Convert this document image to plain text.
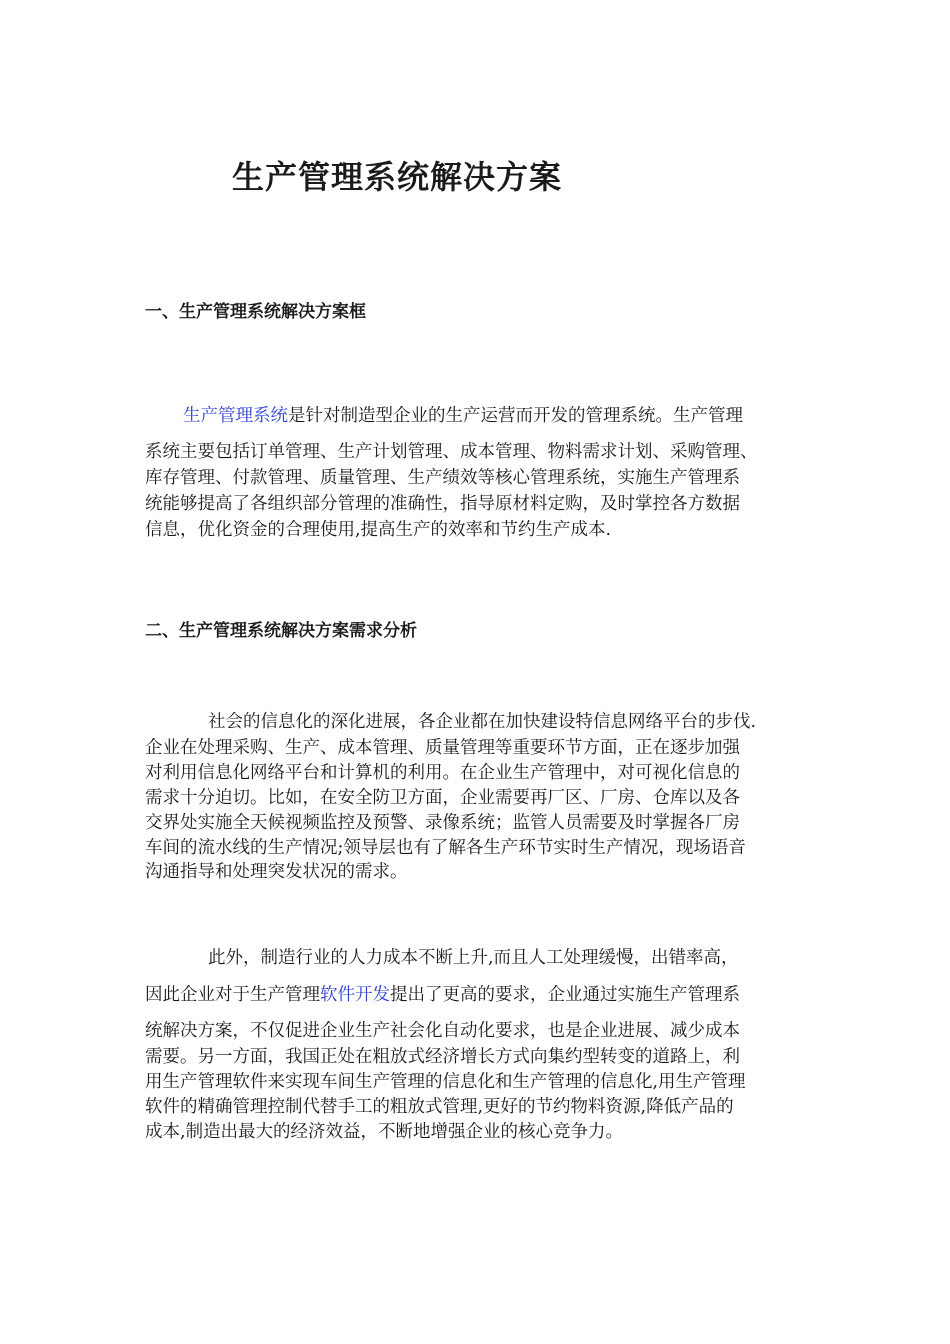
生产管理系统解决方案
一、生产管理系统解决方案框
生产管理系统是针对制造型企业的生产运营而开发的管理系统。生产管理
系统主要包括订单管理、生产计划管理、成本管理、物料需求计划、采购管理、
库存管理、付款管理、质量管理、生产绩效等核心管理系统，实施生产管理系
统能够提高了各组织部分管理的准确性，指导原材料定购，及时掌控各方数据
信息，优化资金的合理使用,提高生产的效率和节约生产成本.
二、生产管理系统解决方案需求分析
社会的信息化的深化进展，各企业都在加快建设特信息网络平台的步伐.
企业在处理采购、生产、成本管理、质量管理等重要环节方面，正在逐步加强
对利用信息化网络平台和计算机的利用。在企业生产管理中，对可视化信息的
需求十分迫切。比如，在安全防卫方面，企业需要再厂区、厂房、仓库以及各
交界处实施全天候视频监控及预警、录像系统；监管人员需要及时掌握各厂房
车间的流水线的生产情况;领导层也有了解各生产环节实时生产情况，现场语音
沟通指导和处理突发状况的需求。
此外，制造行业的人力成本不断上升,而且人工处理缓慢，出错率高，
因此企业对于生产管理软件开发提出了更高的要求，企业通过实施生产管理系
统解决方案，不仅促进企业生产社会化自动化要求，也是企业进展、减少成本
需要。另一方面，我国正处在粗放式经济增长方式向集约型转变的道路上，利
用生产管理软件来实现车间生产管理的信息化和生产管理的信息化,用生产管理
软件的精确管理控制代替手工的粗放式管理,更好的节约物料资源,降低产品的
成本,制造出最大的经济效益，不断地增强企业的核心竞争力。
